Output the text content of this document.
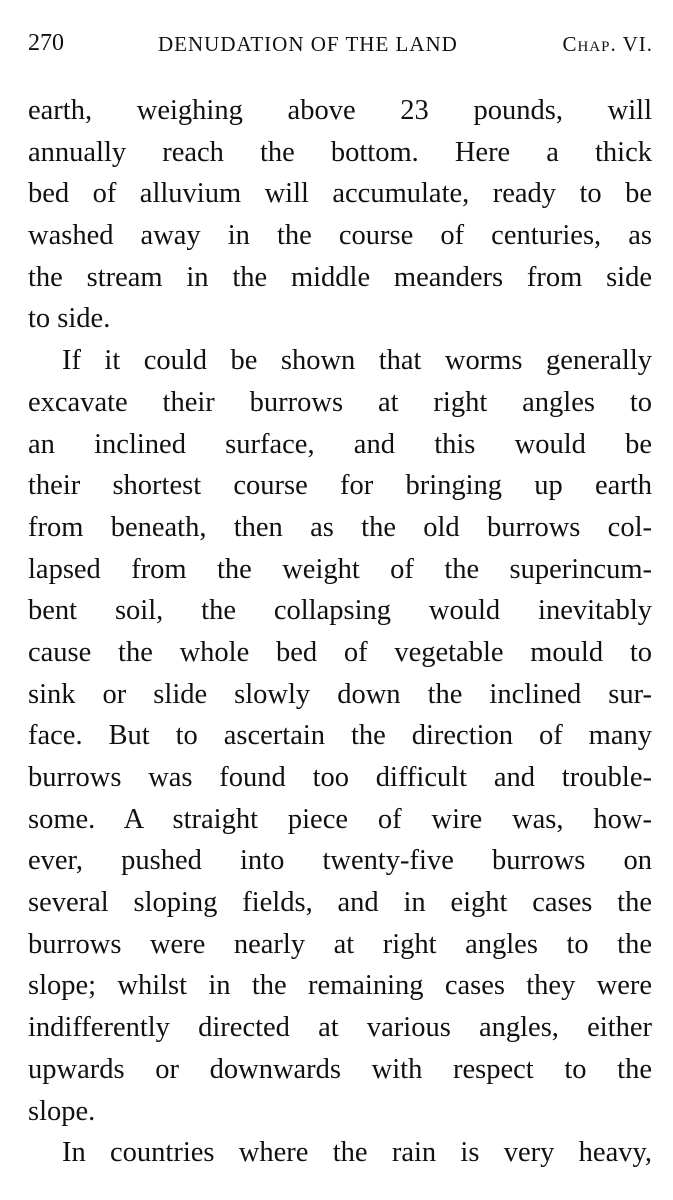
270	DENUDATION OF THE LAND	Chap. VI.
earth, weighing above 23 pounds, will
annually reach the bottom. Here a thick
bed of alluvium will accumulate, ready to be
washed away in the course of centuries, as
the stream in the middle meanders from side
to side.
If it could be shown that worms generally
excavate their burrows at right angles to
an inclined surface, and this would be
their shortest course for bringing up earth
from beneath, then as the old burrows col-
lapsed from the weight of the superincum-
bent soil, the collapsing would inevitably
cause the whole bed of vegetable mould to
sink or slide slowly down the inclined sur-
face. But to ascertain the direction of many
burrows was found too difficult and trouble-
some. A straight piece of wire was, how-
ever, pushed into twenty-five burrows on
several sloping fields, and in eight cases the
burrows were nearly at right angles to the
slope; whilst in the remaining cases they were
indifferently directed at various angles, either
upwards or downwards with respect to the
slope.
In countries where the rain is very heavy,
